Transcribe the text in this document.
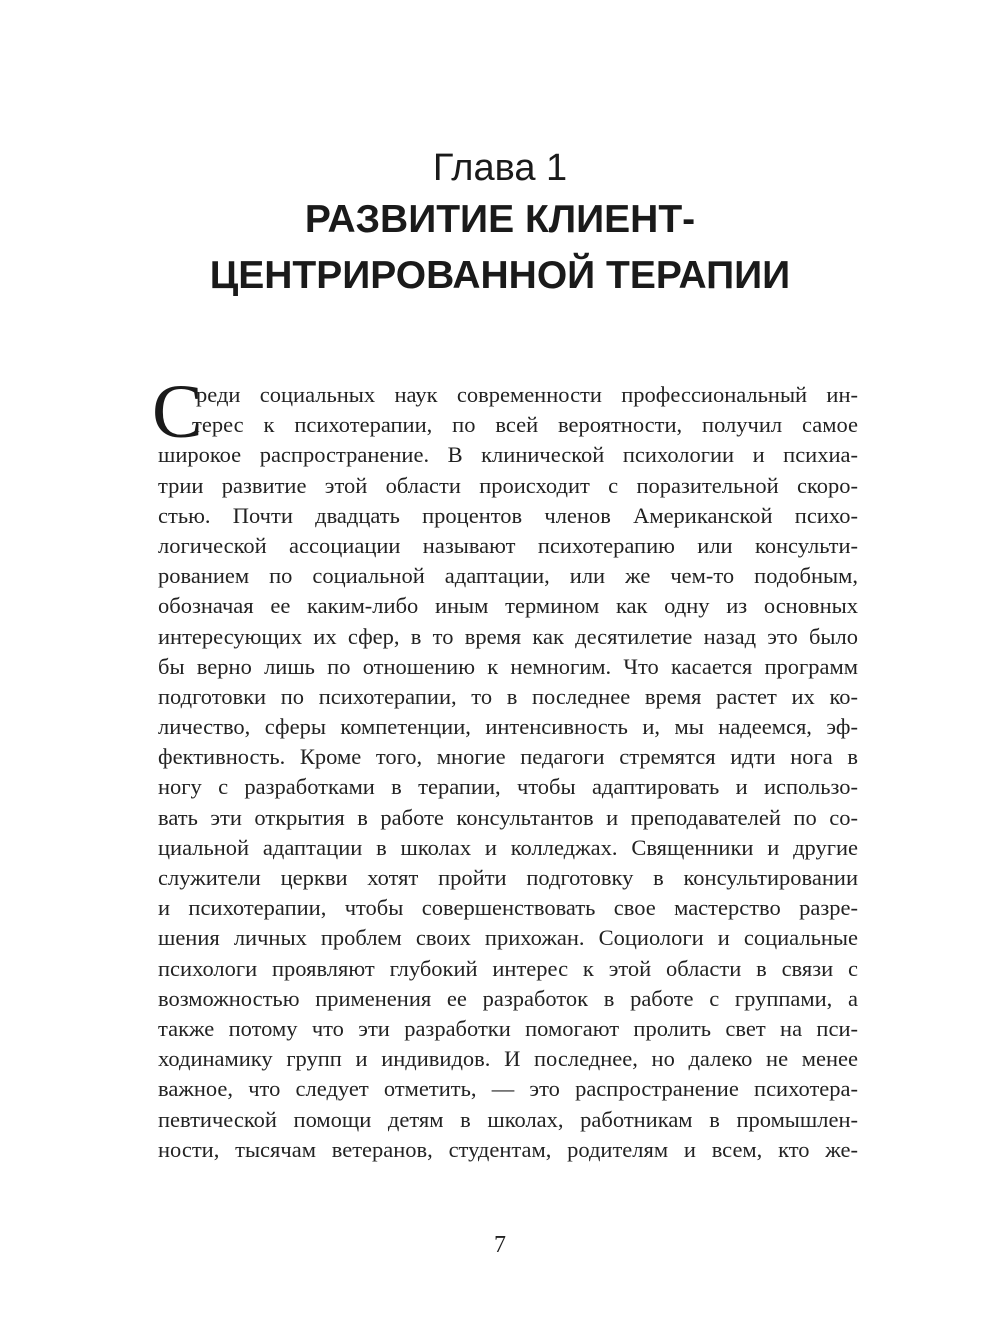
Глава 1
РАЗВИТИЕ КЛИЕНТ-
ЦЕНТРИРОВАННОЙ ТЕРАПИИ
С
реди социальных наук современности профессиональный ин-
терес к психотерапии, по всей вероятности, получил самое
широкое распространение. В клинической психологии и психиа-
трии развитие этой области происходит с поразительной скоро-
стью. Почти двадцать процентов членов Американской психо-
логической ассоциации называют психотерапию или консульти-
рованием по социальной адаптации, или же чем-то подобным,
обозначая ее каким-либо иным термином как одну из основных
интересующих их сфер, в то время как десятилетие назад это было
бы верно лишь по отношению к немногим. Что касается программ
подготовки по психотерапии, то в последнее время растет их ко-
личество, сферы компетенции, интенсивность и, мы надеемся, эф-
фективность. Кроме того, многие педагоги стремятся идти нога в
ногу с разработками в терапии, чтобы адаптировать и использо-
вать эти открытия в работе консультантов и преподавателей по со-
циальной адаптации в школах и колледжах. Священники и другие
служители церкви хотят пройти подготовку в консультировании
и психотерапии, чтобы совершенствовать свое мастерство разре-
шения личных проблем своих прихожан. Социологи и социальные
психологи проявляют глубокий интерес к этой области в связи с
возможностью применения ее разработок в работе с группами, а
также потому что эти разработки помогают пролить свет на пси-
ходинамику групп и индивидов. И последнее, но далеко не менее
важное, что следует отметить, — это распространение психотера-
певтической помощи детям в школах, работникам в промышлен-
ности, тысячам ветеранов, студентам, родителям и всем, кто же-
7
